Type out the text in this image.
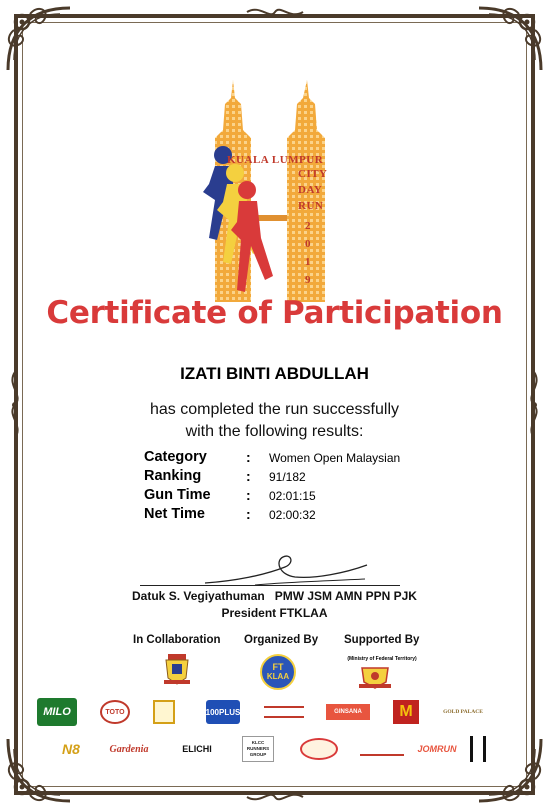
KUALA LUMPUR
CITY
DAY
RUN
2
0
1
9
Certificate of Participation
IZATI BINTI ABDULLAH
has completed the run successfully
with the following results:
Category	: Women Open Malaysian
Ranking	: 91/182
Gun Time	: 02:01:15
Net Time	: 02:00:32
Datuk S. Vegiyathuman   PMW JSM AMN PPN PJK
President FTKLAA
In Collaboration Organized By Supported By
(Ministry of Federal Territory)
FT
KLAA
MILO	TOTO	100PLUS	GINSANA	M	GOLD PALACE
N8	Gardenia	ELICHI
KLCC RUNNERS GROUP
JOMRUN
